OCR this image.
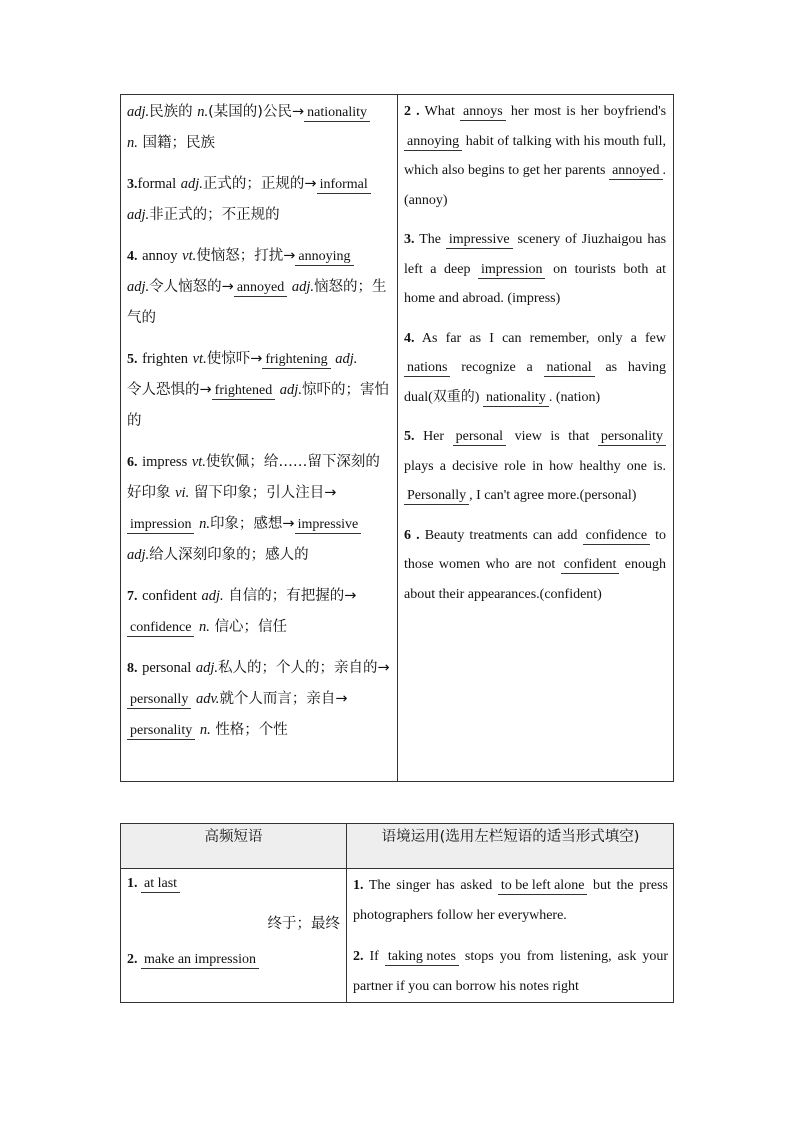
adj.民族的 n.(某国的)公民→ nationality
n. 国籍；民族
3.formal adj.正式的；正规的→ informal
adj.非正式的；不正规的
4. annoy vt.使恼怒；打扰→ annoying
adj.令人恼怒的→ annoyed adj.恼怒的；生气的
5. frighten vt.使惊吓→ frightening adj.
令人恐惧的→ frightened adj.惊吓的；害怕的
6. impress vt.使钦佩；给……留下深刻的好印象 vi. 留下印象；引人注目→impression n.印象；感想→ impressive
adj.给人深刻印象的；感人的
7. confident adj. 自信的；有把握的→confidence n. 信心；信任
8. personal adj.私人的；个人的；亲自的→personally adv.就个人而言；亲自→personality n. 性格；个性
2 . What annoys her most is her boyfriend's annoying habit of talking with his mouth full, which also begins to get her parents annoyed . (annoy)
3. The impressive scenery of Jiuzhaigou has left a deep impression on tourists both at home and abroad. (impress)
4. As far as I can remember, only a few nations recognize a national as having dual(双重的) nationality . (nation)
5. Her personal view is that personality plays a decisive role in how healthy one is. Personally , I can't agree more.(personal)
6 . Beauty treatments can add confidence to those women who are not confident enough about their appearances.(confident)
高频短语	语境运用(选用左栏短语的适当形式填空)
1. at last
终于；最终
2. make an impression
1. The singer has asked to be left alone but the press photographers follow her everywhere.
2. If taking notes stops you from listening, ask your partner if you can borrow his notes right
